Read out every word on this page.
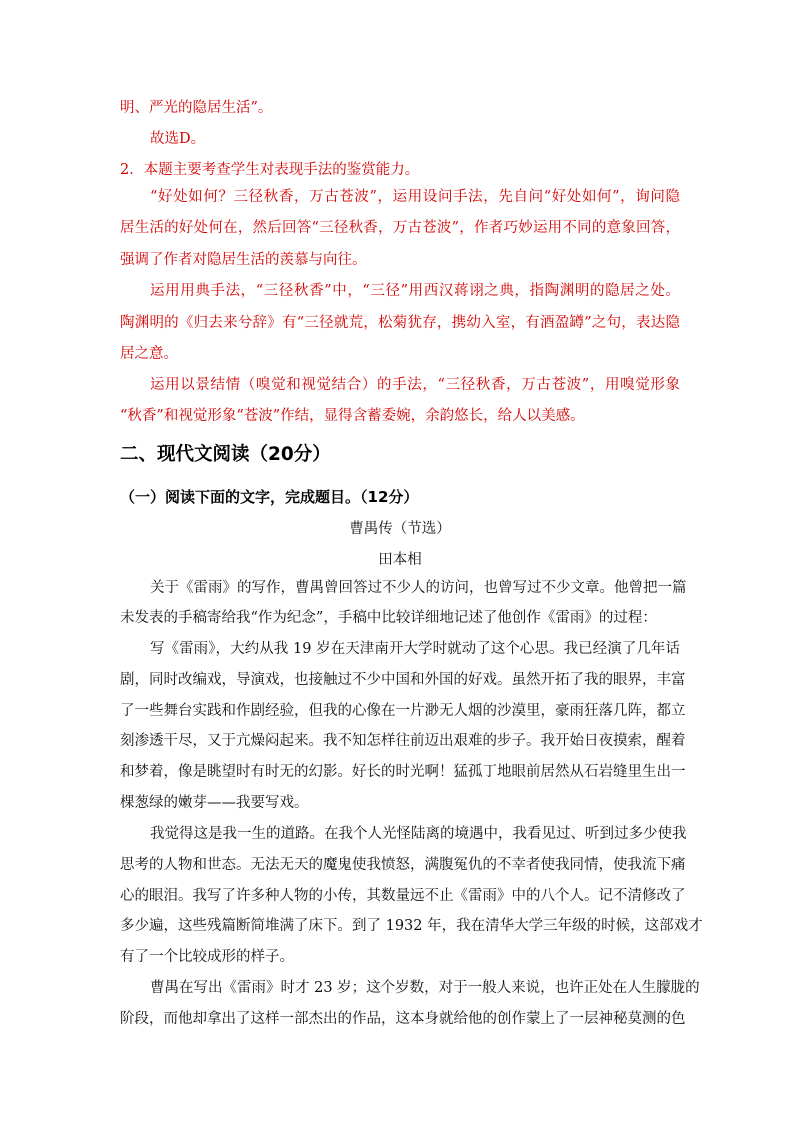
明、严光的隐居生活”。
故选D。
2．本题主要考查学生对表现手法的鉴赏能力。
“好处如何？三径秋香，万古苍波”，运用设问手法，先自问“好处如何”，询问隐
居生活的好处何在，然后回答“三径秋香，万古苍波”，作者巧妙运用不同的意象回答，
强调了作者对隐居生活的羡慕与向往。
运用用典手法，“三径秋香”中，“三径”用西汉蒋诩之典，指陶渊明的隐居之处。
陶渊明的《归去来兮辞》有“三径就荒，松菊犹存，携幼入室，有酒盈罇”之句，表达隐
居之意。
运用以景结情（嗅觉和视觉结合）的手法，“三径秋香，万古苍波”，用嗅觉形象
“秋香”和视觉形象“苍波”作结，显得含蓄委婉，余韵悠长，给人以美感。
二、现代文阅读（20分）
（一）阅读下面的文字，完成题目。（12分）
曹禺传（节选）
田本相
关于《雷雨》的写作，曹禺曾回答过不少人的访问，也曾写过不少文章。他曾把一篇
未发表的手稿寄给我“作为纪念”，手稿中比较详细地记述了他创作《雷雨》的过程：
写《雷雨》，大约从我 19 岁在天津南开大学时就动了这个心思。我已经演了几年话
剧，同时改编戏，导演戏，也接触过不少中国和外国的好戏。虽然开拓了我的眼界，丰富
了一些舞台实践和作剧经验，但我的心像在一片渺无人烟的沙漠里，豪雨狂落几阵，都立
刻渗透干尽，又于亢燥闷起来。我不知怎样往前迈出艰难的步子。我开始日夜摸索，醒着
和梦着，像是眺望时有时无的幻影。好长的时光啊！猛孤丁地眼前居然从石岩缝里生出一
棵葱绿的嫩芽——我要写戏。
我觉得这是我一生的道路。在我个人光怪陆离的境遇中，我看见过、听到过多少使我
思考的人物和世态。无法无天的魔鬼使我愤怒，满腹冤仇的不幸者使我同情，使我流下痛
心的眼泪。我写了许多种人物的小传，其数量远不止《雷雨》中的八个人。记不清修改了
多少遍，这些残篇断简堆满了床下。到了 1932 年，我在清华大学三年级的时候，这部戏才
有了一个比较成形的样子。
曹禺在写出《雷雨》时才 23 岁；这个岁数，对于一般人来说，也许正处在人生朦胧的
阶段，而他却拿出了这样一部杰出的作品，这本身就给他的创作蒙上了一层神秘莫测的色
